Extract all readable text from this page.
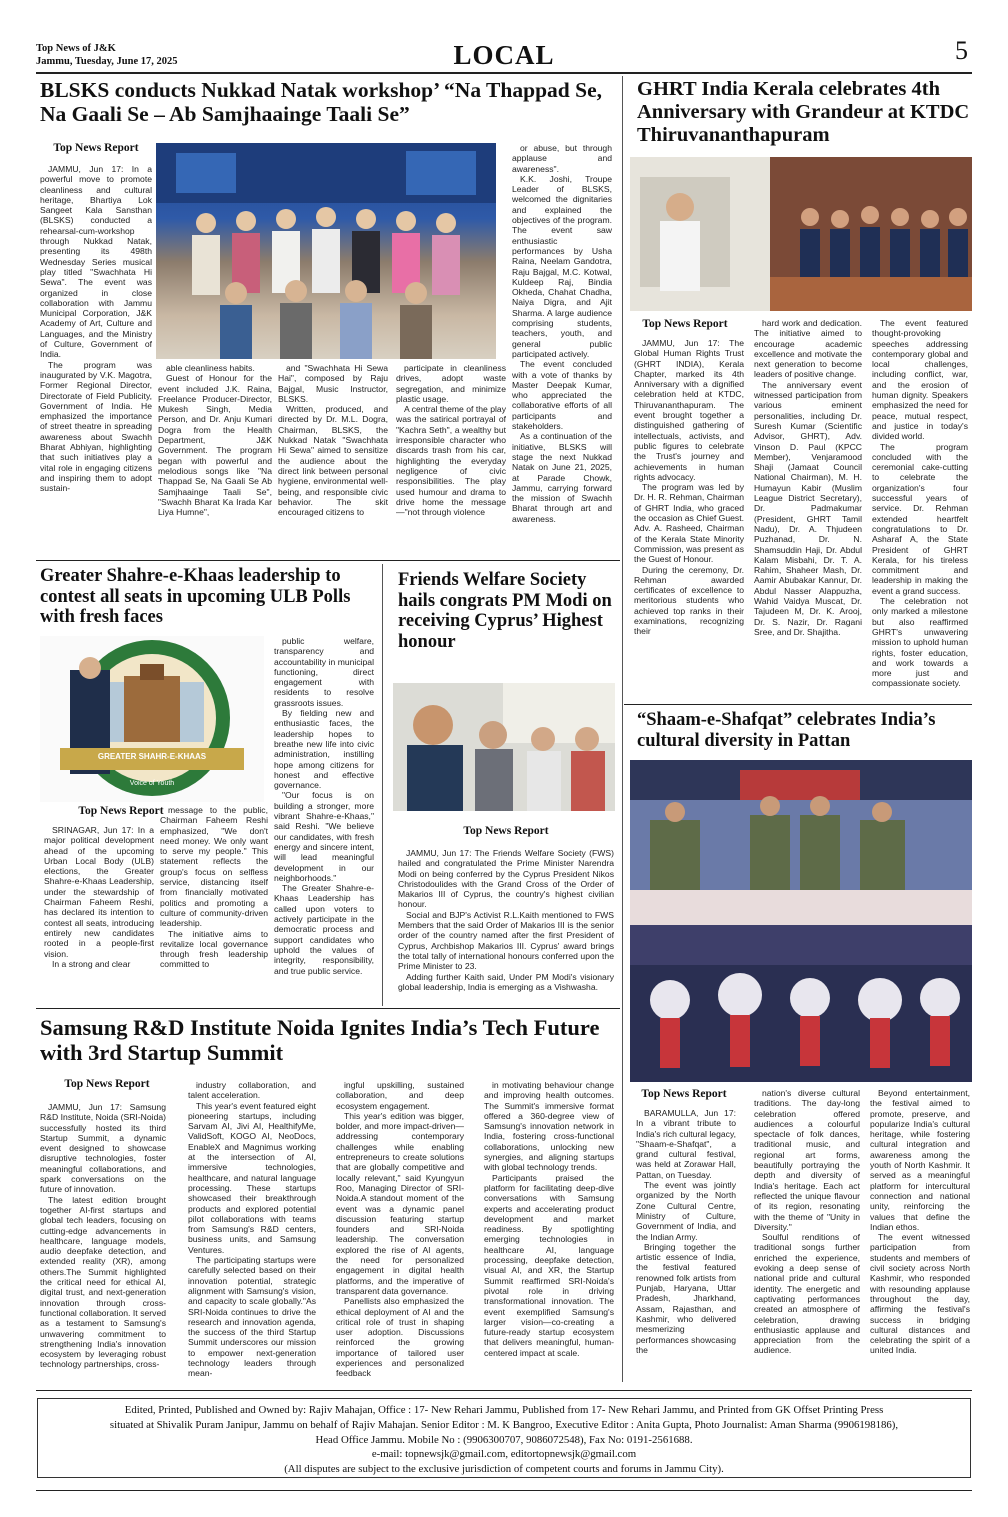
Top News of J&K
Jammu, Tuesday, June 17, 2025	LOCAL	5
BLSKS conducts Nukkad Natak workshop’ “Na Thappad Se, Na Gaali Se – Ab Samjhaainge Taali Se”
Top News Report

JAMMU, Jun 17: In a powerful move to promote cleanliness and cultural heritage, Bhartiya Lok Sangeet Kala Sansthan (BLSKS) conducted a rehearsal-cum-workshop through Nukkad Natak, presenting its 498th Wednesday Series musical play titled "Swachhata Hi Sewa". The event was organized in close collaboration with Jammu Municipal Corporation, J&K Academy of Art, Culture and Languages, and the Ministry of Culture, Government of India.

The program was inaugurated by V.K. Magotra, Former Regional Director, Directorate of Field Publicity, Government of India. He emphasized the importance of street theatre in spreading awareness about Swachh Bharat Abhiyan, highlighting that such initiatives play a vital role in engaging citizens and inspiring them to adopt sustain-

able cleanliness habits.

Guest of Honour for the event included J.K. Raina, Freelance Producer-Director, Mukesh Singh, Media Person, and Dr. Anju Kumari Dogra from the Health Department, J&K Government. The program began with powerful and melodious songs like "Na Thappad Se, Na Gaali Se Ab Samjhaainge Taali Se", "Swachh Bharat Ka Irada Kar Liya Humne",

and "Swachhata Hi Sewa Hai", composed by Raju Bajgal, Music Instructor, BLSKS.

Written, produced, and directed by Dr. M.L. Dogra, Chairman, BLSKS, the Nukkad Natak "Swachhata Hi Sewa" aimed to sensitize the audience about the direct link between personal hygiene, environmental well-being, and responsible civic behavior. The skit encouraged citizens to

participate in cleanliness drives, adopt waste segregation, and minimize plastic usage.

A central theme of the play was the satirical portrayal of "Kachra Seth", a wealthy but irresponsible character who discards trash from his car, highlighting the everyday negligence of civic responsibilities. The play used humour and drama to drive home the message—"not through violence

or abuse, but through applause and awareness".

K.K. Joshi, Troupe Leader of BLSKS, welcomed the dignitaries and explained the objectives of the program. The event saw enthusiastic performances by Usha Raina, Neelam Gandotra, Raju Bajgal, M.C. Kotwal, Kuldeep Raj, Bindia Okheda, Chahat Chadha, Naiya Digra, and Ajit Sharma. A large audience comprising students, teachers, youth, and general public participated actively.

The event concluded with a vote of thanks by Master Deepak Kumar, who appreciated the collaborative efforts of all participants and stakeholders.

As a continuation of the initiative, BLSKS will stage the next Nukkad Natak on June 21, 2025, at Parade Chowk, Jammu, carrying forward the mission of Swachh Bharat through art and awareness.

GHRT India Kerala celebrates 4th Anniversary with Grandeur at KTDC Thiruvananthapuram
Top News Report

JAMMU, Jun 17: The Global Human Rights Trust (GHRT INDIA), Kerala Chapter, marked its 4th Anniversary with a dignified celebration held at KTDC, Thiruvananthapuram. The event brought together a distinguished gathering of intellectuals, activists, and public figures to celebrate the Trust's journey and achievements in human rights advocacy.

The program was led by Dr. H. R. Rehman, Chairman of GHRT India, who graced the occasion as Chief Guest. Adv. A. Rasheed, Chairman of the Kerala State Minority Commission, was present as the Guest of Honour.

During the ceremony, Dr. Rehman awarded certificates of excellence to meritorious students who achieved top ranks in their examinations, recognizing their

hard work and dedication. The initiative aimed to encourage academic excellence and motivate the next generation to become leaders of positive change.

The anniversary event witnessed participation from various eminent personalities, including Dr. Suresh Kumar (Scientific Advisor, GHRT), Adv. Vinson D. Paul (KPCC Member), Venjaramood Shaji (Jamaat Council National Chairman), M. H. Humayun Kabir (Muslim League District Secretary), Dr. Padmakumar (President, GHRT Tamil Nadu), Dr. A. Thjudeen Puzhanad, Dr. N. Shamsuddin Haji, Dr. Abdul Kalam Misbahi, Dr. T. A. Rahim, Shaheer Mash, Dr. Aamir Abubakar Kannur, Dr. Abdul Nasser Alappuzha, Wahid Vaidya Muscat, Dr. Tajudeen M, Dr. K. Arooj, Dr. S. Nazir, Dr. Ragani Sree, and Dr. Shajitha.

The event featured thought-provoking speeches addressing contemporary global and local challenges, including conflict, war, and the erosion of human dignity. Speakers emphasized the need for peace, mutual respect, and justice in today's divided world.

The program concluded with the ceremonial cake-cutting to celebrate the organization's four successful years of service. Dr. Rehman extended heartfelt congratulations to Dr. Asharaf A, the State President of GHRT Kerala, for his tireless commitment and leadership in making the event a grand success.

The celebration not only marked a milestone but also reaffirmed GHRT's unwavering mission to uphold human rights, foster education, and work towards a more just and compassionate society.

Greater Shahre-e-Khaas leadership to contest all seats in upcoming ULB Polls with fresh faces
GREATER SHAHR-E-KHAAS
Voice of Youth
Top News Report

SRINAGAR, Jun 17: In a major political development ahead of the upcoming Urban Local Body (ULB) elections, the Greater Shahre-e-Khaas Leadership, under the stewardship of Chairman Faheem Reshi, has declared its intention to contest all seats, introducing entirely new candidates rooted in a people-first vision.

In a strong and clear

message to the public, Chairman Faheem Reshi emphasized, "We don't need money. We only want to serve my people." This statement reflects the group's focus on selfless service, distancing itself from financially motivated politics and promoting a culture of community-driven leadership.

The initiative aims to revitalize local governance through fresh leadership committed to

public welfare, transparency and accountability in municipal functioning, direct engagement with residents to resolve grassroots issues.

By fielding new and enthusiastic faces, the leadership hopes to breathe new life into civic administration, instilling hope among citizens for honest and effective governance.

"Our focus is on building a stronger, more vibrant Shahre-e-Khaas," said Reshi. "We believe our candidates, with fresh energy and sincere intent, will lead meaningful development in our neighborhoods."

The Greater Shahre-e-Khaas Leadership has called upon voters to actively participate in the democratic process and support candidates who uphold the values of integrity, responsibility, and true public service.

Friends Welfare Society hails congrats PM Modi on receiving Cyprus’ Highest honour
Top News Report

JAMMU, Jun 17: The Friends Welfare Society (FWS) hailed and congratulated the Prime Minister Narendra Modi on being conferred by the Cyprus President Nikos Christodoulides with the Grand Cross of the Order of Makarios III of Cyprus, the country's highest civilian honour.

Social and BJP's Activist R.L.Kaith mentioned to FWS Members that the said Order of Makarios III is the senior order of the country named after the first President of Cyprus, Archbishop Makarios III. Cyprus' award brings the total tally of international honours conferred upon the Prime Minister to 23.

Adding further Kaith said, Under PM Modi's visionary global leadership, India is emerging as a Vishwasha.

“Shaam-e-Shafqat” celebrates India’s cultural diversity in Pattan
Top News Report

BARAMULLA, Jun 17: In a vibrant tribute to India's rich cultural legacy, "Shaam-e-Shafqat", a grand cultural festival, was held at Zorawar Hall, Pattan, on Tuesday.

The event was jointly organized by the North Zone Cultural Centre, Ministry of Culture, Government of India, and the Indian Army.

Bringing together the artistic essence of India, the festival featured renowned folk artists from Punjab, Haryana, Uttar Pradesh, Jharkhand, Assam, Rajasthan, and Kashmir, who delivered mesmerizing performances showcasing the

nation's diverse cultural traditions. The day-long celebration offered audiences a colourful spectacle of folk dances, traditional music, and regional art forms, beautifully portraying the depth and diversity of India's heritage. Each act reflected the unique flavour of its region, resonating with the theme of "Unity in Diversity."

Soulful renditions of traditional songs further enriched the experience, evoking a deep sense of national pride and cultural identity. The energetic and captivating performances created an atmosphere of celebration, drawing enthusiastic applause and appreciation from the audience.

Beyond entertainment, the festival aimed to promote, preserve, and popularize India's cultural heritage, while fostering cultural integration and awareness among the youth of North Kashmir. It served as a meaningful platform for intercultural connection and national unity, reinforcing the values that define the Indian ethos.

The event witnessed participation from students and members of civil society across North Kashmir, who responded with resounding applause throughout the day, affirming the festival's success in bridging cultural distances and celebrating the spirit of a united India.

Samsung R&D Institute Noida Ignites India’s Tech Future with 3rd Startup Summit
Top News Report

JAMMU, Jun 17: Samsung R&D Institute, Noida (SRI-Noida) successfully hosted its third Startup Summit, a dynamic event designed to showcase disruptive technologies, foster meaningful collaborations, and spark conversations on the future of innovation.

The latest edition brought together AI-first startups and global tech leaders, focusing on cutting-edge advancements in healthcare, language models, audio deepfake detection, and extended reality (XR), among others.The Summit highlighted the critical need for ethical AI, digital trust, and next-generation innovation through cross-functional collaboration. It served as a testament to Samsung's unwavering commitment to strengthening India's innovation ecosystem by leveraging robust technology partnerships, cross-

industry collaboration, and talent acceleration.

This year's event featured eight pioneering startups, including Sarvam AI, Jivi AI, HealthifyMe, ValidSoft, KOGO AI, NeoDocs, EnableX and Magnimus working at the intersection of AI, immersive technologies, healthcare, and natural language processing. These startups showcased their breakthrough products and explored potential pilot collaborations with teams from Samsung's R&D centers, business units, and Samsung Ventures.

The participating startups were carefully selected based on their innovation potential, strategic alignment with Samsung's vision, and capacity to scale globally."As SRI-Noida continues to drive the research and innovation agenda, the success of the third Startup Summit underscores our mission to empower next-generation technology leaders through mean-

ingful upskilling, sustained collaboration, and deep ecosystem engagement.

This year's edition was bigger, bolder, and more impact-driven—addressing contemporary challenges while enabling entrepreneurs to create solutions that are globally competitive and locally relevant," said Kyungyun Roo, Managing Director of SRI-Noida.A standout moment of the event was a dynamic panel discussion featuring startup founders and SRI-Noida leadership. The conversation explored the rise of AI agents, the need for personalized engagement in digital health platforms, and the imperative of transparent data governance.

Panellists also emphasized the ethical deployment of AI and the critical role of trust in shaping user adoption. Discussions reinforced the growing importance of tailored user experiences and personalized feedback

in motivating behaviour change and improving health outcomes. The Summit's immersive format offered a 360-degree view of Samsung's innovation network in India, fostering cross-functional collaborations, unlocking new synergies, and aligning startups with global technology trends.

Participants praised the platform for facilitating deep-dive conversations with Samsung experts and accelerating product development and market readiness. By spotlighting emerging technologies in healthcare AI, language processing, deepfake detection, visual AI, and XR, the Startup Summit reaffirmed SRI-Noida's pivotal role in driving transformational innovation. The event exemplified Samsung's larger vision—co-creating a future-ready startup ecosystem that delivers meaningful, human-centered impact at scale.

Edited, Printed, Published and Owned by: Rajiv Mahajan, Office : 17- New Rehari Jammu, Published from 17- New Rehari Jammu, and Printed from GK Offset Printing Press
situated at Shivalik Puram Janipur, Jammu on behalf of Rajiv Mahajan. Senior Editor : M. K Bangroo, Executive Editor : Anita Gupta, Photo Journalist: Aman Sharma (9906198186),
Head Office Jammu. Mobile No : (9906300707, 9086072548), Fax No: 0191-2561688.
e-mail: topnewsjk@gmail.com, editortopnewsjk@gmail.com
(All disputes are subject to the exclusive jurisdiction of competent courts and forums in Jammu City).
